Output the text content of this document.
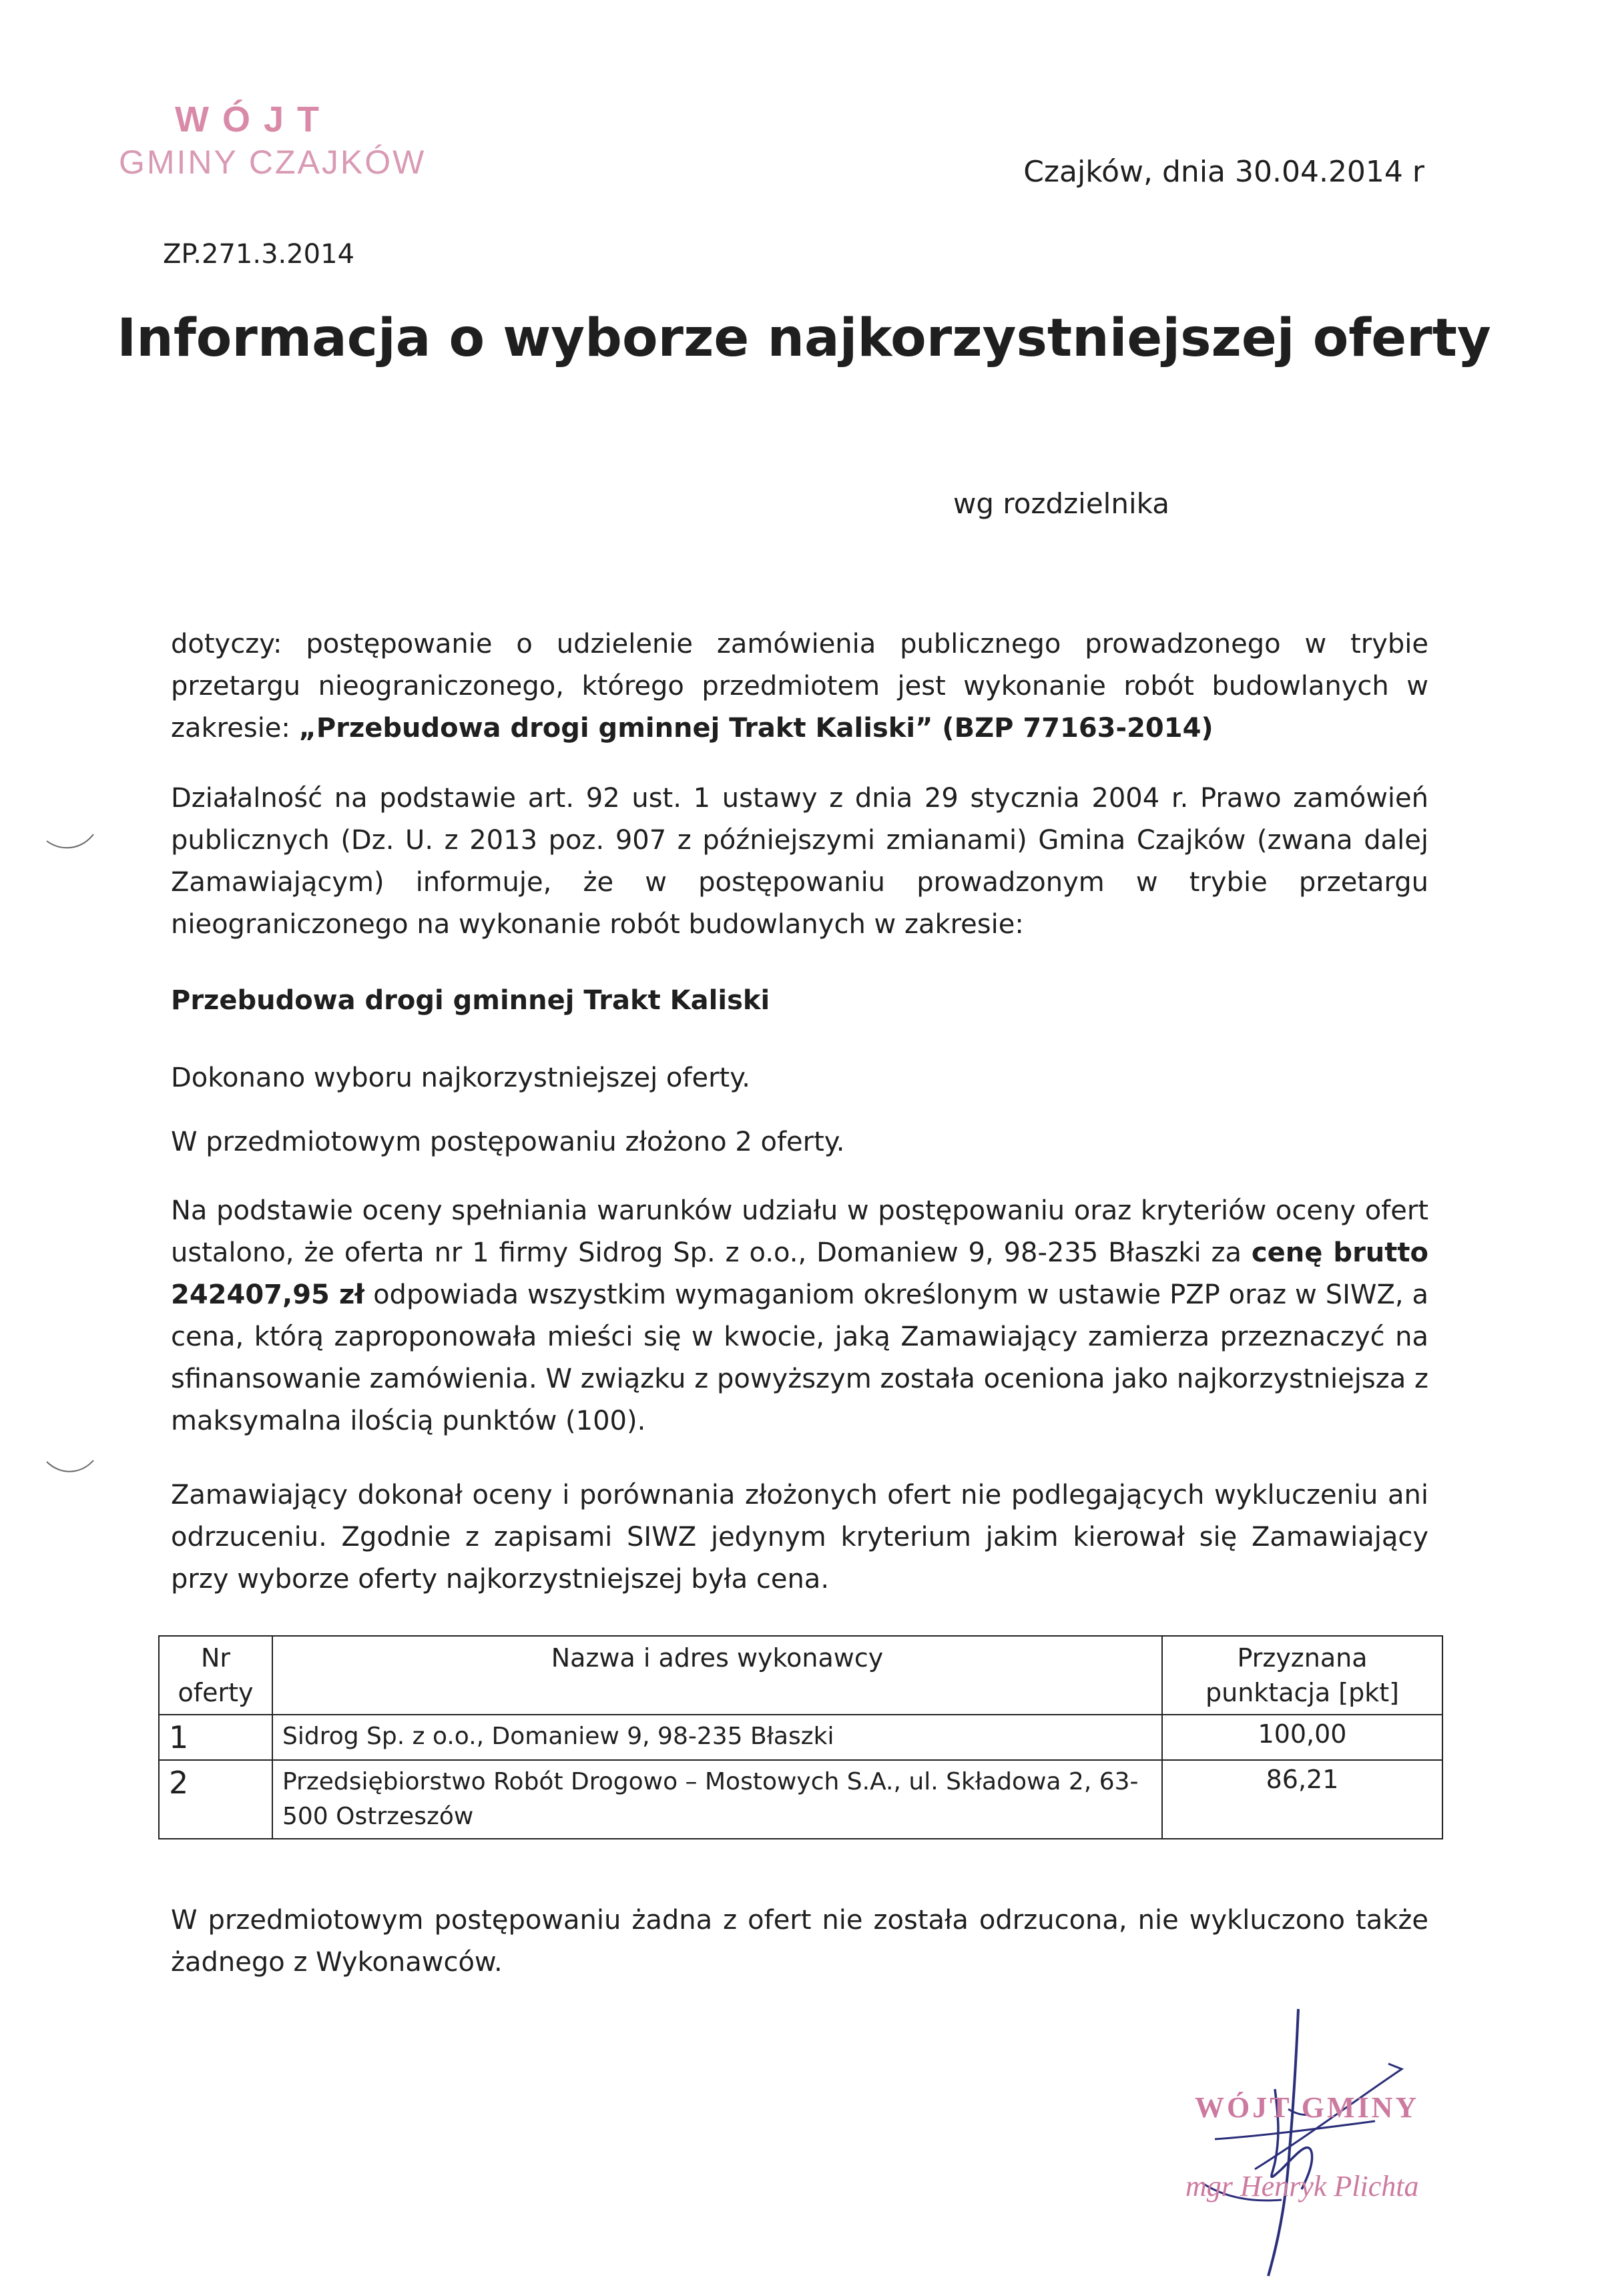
WÓJT
GMINY CZAJKÓW	Czajków, dnia 30.04.2014 r
ZP.271.3.2014
Informacja o wyborze najkorzystniejszej oferty
wg rozdzielnika
dotyczy: postępowanie o udzielenie zamówienia publicznego prowadzonego w trybie przetargu nieograniczonego, którego przedmiotem jest wykonanie robót budowlanych w zakresie: „Przebudowa drogi gminnej Trakt Kaliski” (BZP 77163-2014)
Działalność na podstawie art. 92 ust. 1 ustawy z dnia 29 stycznia 2004 r. Prawo zamówień publicznych (Dz. U. z 2013 poz. 907 z późniejszymi zmianami) Gmina Czajków (zwana dalej Zamawiającym) informuje, że w postępowaniu prowadzonym w trybie przetargu nieograniczonego na wykonanie robót budowlanych w zakresie:
Przebudowa drogi gminnej Trakt Kaliski
Dokonano wyboru najkorzystniejszej oferty.
W przedmiotowym postępowaniu złożono 2 oferty.
Na podstawie oceny spełniania warunków udziału w postępowaniu oraz kryteriów oceny ofert ustalono, że oferta nr 1 firmy Sidrog Sp. z o.o., Domaniew 9, 98-235 Błaszki za cenę brutto 242407,95 zł odpowiada wszystkim wymaganiom określonym w ustawie PZP oraz w SIWZ, a cena, którą zaproponowała mieści się w kwocie, jaką Zamawiający zamierza przeznaczyć na sfinansowanie zamówienia. W związku z powyższym została oceniona jako najkorzystniejsza z maksymalna ilością punktów (100).
Zamawiający dokonał oceny i porównania złożonych ofert nie podlegających wykluczeniu ani odrzuceniu. Zgodnie z zapisami SIWZ jedynym kryterium jakim kierował się Zamawiający przy wyborze oferty najkorzystniejszej była cena.
Nr oferty	Nazwa i adres wykonawcy	Przyznana punktacja [pkt]
1	Sidrog Sp. z o.o., Domaniew 9, 98-235 Błaszki	100,00
2	Przedsiębiorstwo Robót Drogowo – Mostowych S.A., ul. Składowa 2, 63-500 Ostrzeszów	86,21
W przedmiotowym postępowaniu żadna z ofert nie została odrzucona, nie wykluczono także żadnego z Wykonawców.
WÓJT GMINY
mgr Henryk Plichta
